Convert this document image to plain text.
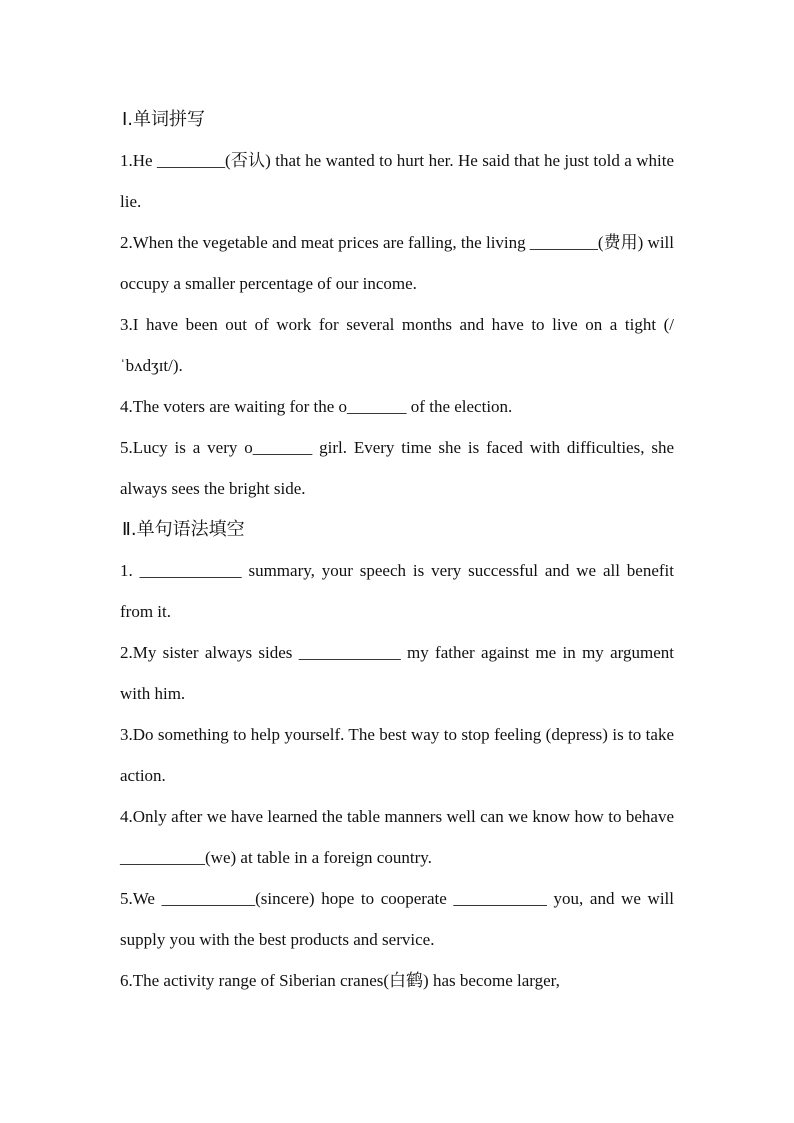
Ⅰ.单词拼写
1.He ________(否认) that he wanted to hurt her. He said that he just told a white lie.
2.When the vegetable and meat prices are falling, the living ________(费用) will occupy a smaller percentage of our income.
3.I have been out of work for several months and have to live on a tight (/ˈbʌdʒɪt/).
4.The voters are waiting for the o_______ of the election.
5.Lucy is a very o_______ girl. Every time she is faced with difficulties, she always sees the bright side.
Ⅱ.单句语法填空
1. ____________ summary, your speech is very successful and we all benefit from it.
2.My sister always sides ____________ my father against me in my argument with him.
3.Do something to help yourself. The best way to stop feeling (depress) is to take action.
4.Only after we have learned the table manners well can we know how to behave __________(we) at table in a foreign country.
5.We ___________(sincere) hope to cooperate ___________ you, and we will supply you with the best products and service.
6.The activity range of Siberian cranes(白鹤) has become larger,
